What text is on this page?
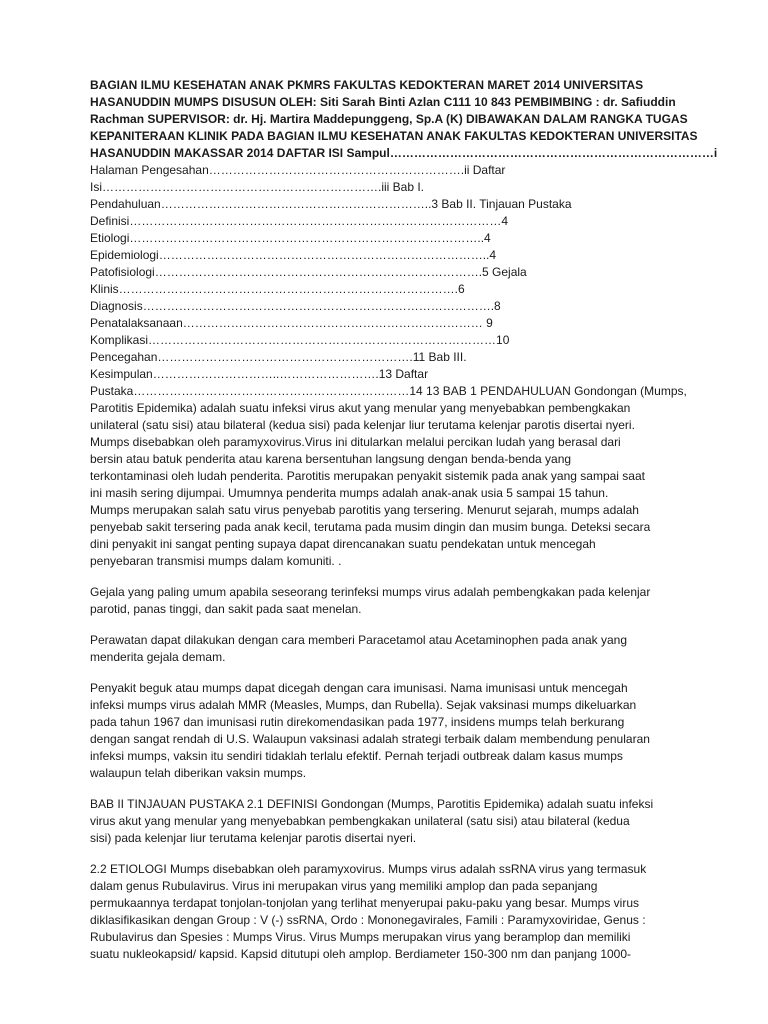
BAGIAN ILMU KESEHATAN ANAK PKMRS FAKULTAS KEDOKTERAN MARET 2014 UNIVERSITAS
HASANUDDIN MUMPS DISUSUN OLEH: Siti Sarah Binti Azlan C111 10 843 PEMBIMBING : dr. Safiuddin
Rachman SUPERVISOR: dr. Hj. Martira Maddepunggeng, Sp.A (K) DIBAWAKAN DALAM RANGKA TUGAS
KEPANITERAAN KLINIK PADA BAGIAN ILMU KESEHATAN ANAK FAKULTAS KEDOKTERAN UNIVERSITAS
HASANUDDIN MAKASSAR 2014 DAFTAR ISI Sampul………………………………………………………………………i
Halaman Pengesahan……………………………………………………….ii Daftar
Isi…………………………………………………………….iii Bab I.
Pendahuluan…………………………………………………………..3 Bab II. Tinjauan Pustaka
Definisi…………………………………………………………………………………4
Etiologi……………………………………………………………………………..4
Epidemiologi………………………………………………………………………..4
Patofisiologi……………………………………………………………………….5 Gejala
Klinis………………………………………………………………………….6
Diagnosis…………………………………………………………………………….8
Penatalaksanaan………………………………………………………………… 9
Komplikasi……………………………………………………………………………10
Pencegahan……………………………………………………….11 Bab III.
Kesimpulan…………………………..…………………….13 Daftar
Pustaka……………………………………………………………14 13 BAB 1 PENDAHULUAN Gondongan (Mumps,
Parotitis Epidemika) adalah suatu infeksi virus akut yang menular yang menyebabkan pembengkakan
unilateral (satu sisi) atau bilateral (kedua sisi) pada kelenjar liur terutama kelenjar parotis disertai nyeri.
Mumps disebabkan oleh paramyxovirus.Virus ini ditularkan melalui percikan ludah yang berasal dari
bersin atau batuk penderita atau karena bersentuhan langsung dengan benda-benda yang
terkontaminasi oleh ludah penderita. Parotitis merupakan penyakit sistemik pada anak yang sampai saat
ini masih sering dijumpai. Umumnya penderita mumps adalah anak-anak usia 5 sampai 15 tahun.
Mumps merupakan salah satu virus penyebab parotitis yang tersering. Menurut sejarah, mumps adalah
penyebab sakit tersering pada anak kecil, terutama pada musim dingin dan musim bunga. Deteksi secara
dini penyakit ini sangat penting supaya dapat direncanakan suatu pendekatan untuk mencegah
penyebaran transmisi mumps dalam komuniti. .
Gejala yang paling umum apabila seseorang terinfeksi mumps virus adalah pembengkakan pada kelenjar
parotid, panas tinggi, dan sakit pada saat menelan.
Perawatan dapat dilakukan dengan cara memberi Paracetamol atau Acetaminophen pada anak yang
menderita gejala demam.
Penyakit beguk atau mumps dapat dicegah dengan cara imunisasi. Nama imunisasi untuk mencegah
infeksi mumps virus adalah MMR (Measles, Mumps, dan Rubella). Sejak vaksinasi mumps dikeluarkan
pada tahun 1967 dan imunisasi rutin direkomendasikan pada 1977, insidens mumps telah berkurang
dengan sangat rendah di U.S. Walaupun vaksinasi adalah strategi terbaik dalam membendung penularan
infeksi mumps, vaksin itu sendiri tidaklah terlalu efektif. Pernah terjadi outbreak dalam kasus mumps
walaupun telah diberikan vaksin mumps.
BAB II TINJAUAN PUSTAKA 2.1 DEFINISI Gondongan (Mumps, Parotitis Epidemika) adalah suatu infeksi
virus akut yang menular yang menyebabkan pembengkakan unilateral (satu sisi) atau bilateral (kedua
sisi) pada kelenjar liur terutama kelenjar parotis disertai nyeri.
2.2 ETIOLOGI Mumps disebabkan oleh paramyxovirus. Mumps virus adalah ssRNA virus yang termasuk
dalam genus Rubulavirus. Virus ini merupakan virus yang memiliki amplop dan pada sepanjang
permukaannya terdapat tonjolan-tonjolan yang terlihat menyerupai paku-paku yang besar. Mumps virus
diklasifikasikan dengan Group : V (-) ssRNA, Ordo : Mononegavirales, Famili : Paramyxoviridae, Genus :
Rubulavirus dan Spesies : Mumps Virus. Virus Mumps merupakan virus yang beramplop dan memiliki
suatu nukleokapsid/ kapsid. Kapsid ditutupi oleh amplop. Berdiameter 150-300 nm dan panjang 1000-
